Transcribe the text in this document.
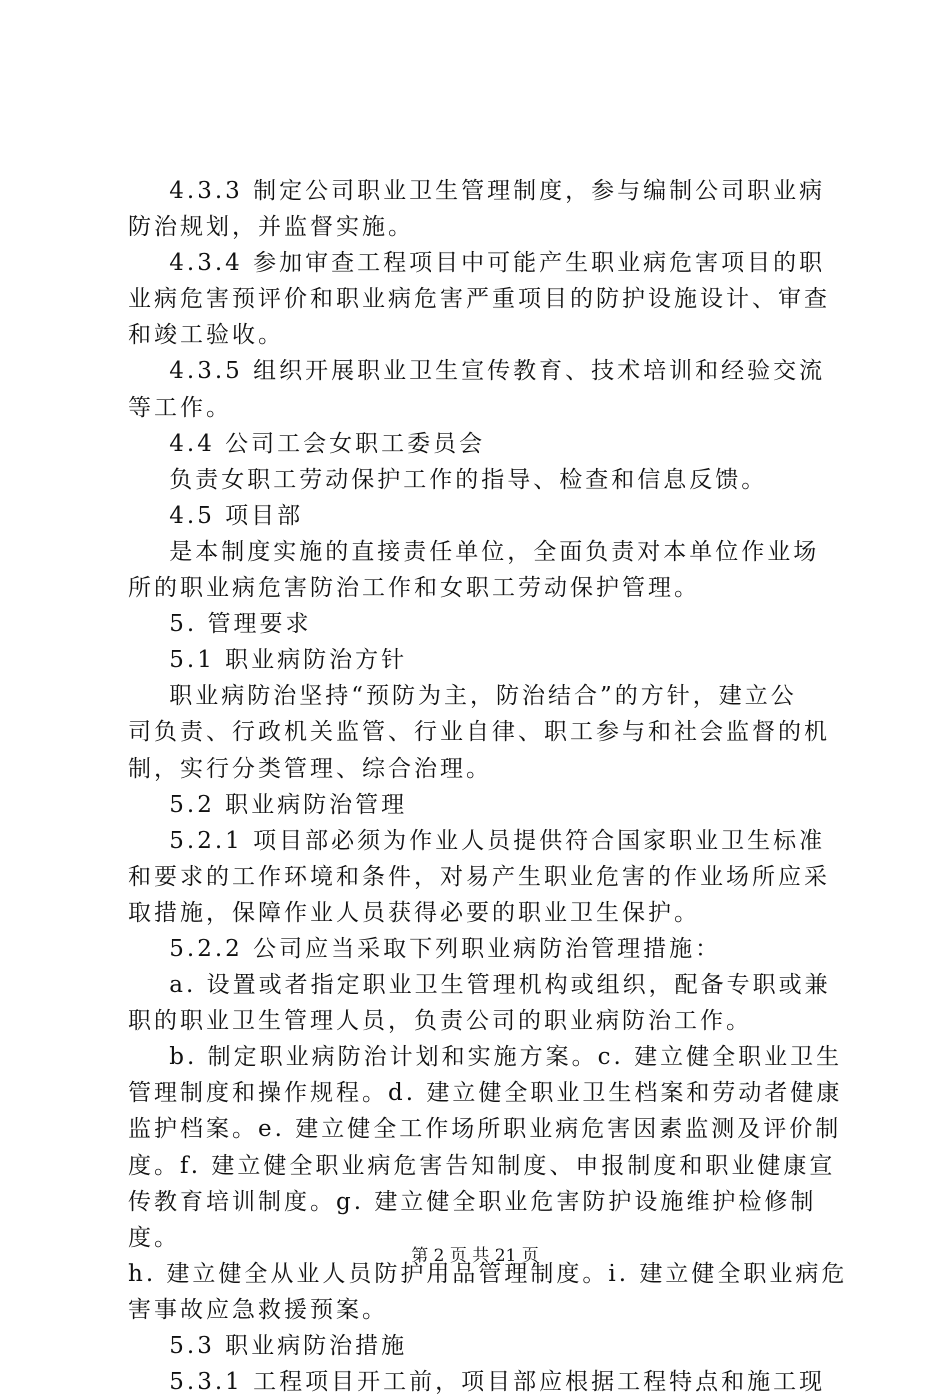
4.3.3 制定公司职业卫生管理制度，参与编制公司职业病

防治规划，并监督实施。

4.3.4 参加审查工程项目中可能产生职业病危害项目的职

业病危害预评价和职业病危害严重项目的防护设施设计、审查

和竣工验收。

4.3.5 组织开展职业卫生宣传教育、技术培训和经验交流

等工作。

4.4 公司工会女职工委员会

负责女职工劳动保护工作的指导、检查和信息反馈。

4.5 项目部

是本制度实施的直接责任单位，全面负责对本单位作业场

所的职业病危害防治工作和女职工劳动保护管理。

5. 管理要求

5.1 职业病防治方针

职业病防治坚持“预防为主，防治结合”的方针，建立公

司负责、行政机关监管、行业自律、职工参与和社会监督的机

制，实行分类管理、综合治理。

5.2 职业病防治管理

5.2.1 项目部必须为作业人员提供符合国家职业卫生标准

和要求的工作环境和条件，对易产生职业危害的作业场所应采

取措施，保障作业人员获得必要的职业卫生保护。

5.2.2 公司应当采取下列职业病防治管理措施：

a. 设置或者指定职业卫生管理机构或组织，配备专职或兼

职的职业卫生管理人员，负责公司的职业病防治工作。

b. 制定职业病防治计划和实施方案。c. 建立健全职业卫生

管理制度和操作规程。d. 建立健全职业卫生档案和劳动者健康

监护档案。e. 建立健全工作场所职业病危害因素监测及评价制

度。f. 建立健全职业病危害告知制度、申报制度和职业健康宣

传教育培训制度。g. 建立健全职业危害防护设施维护检修制度。

h. 建立健全从业人员防护用品管理制度。i. 建立健全职业病危

害事故应急救援预案。

5.3 职业病防治措施

5.3.1 工程项目开工前，项目部应根据工程特点和施工现

第 2 页 共 21 页
